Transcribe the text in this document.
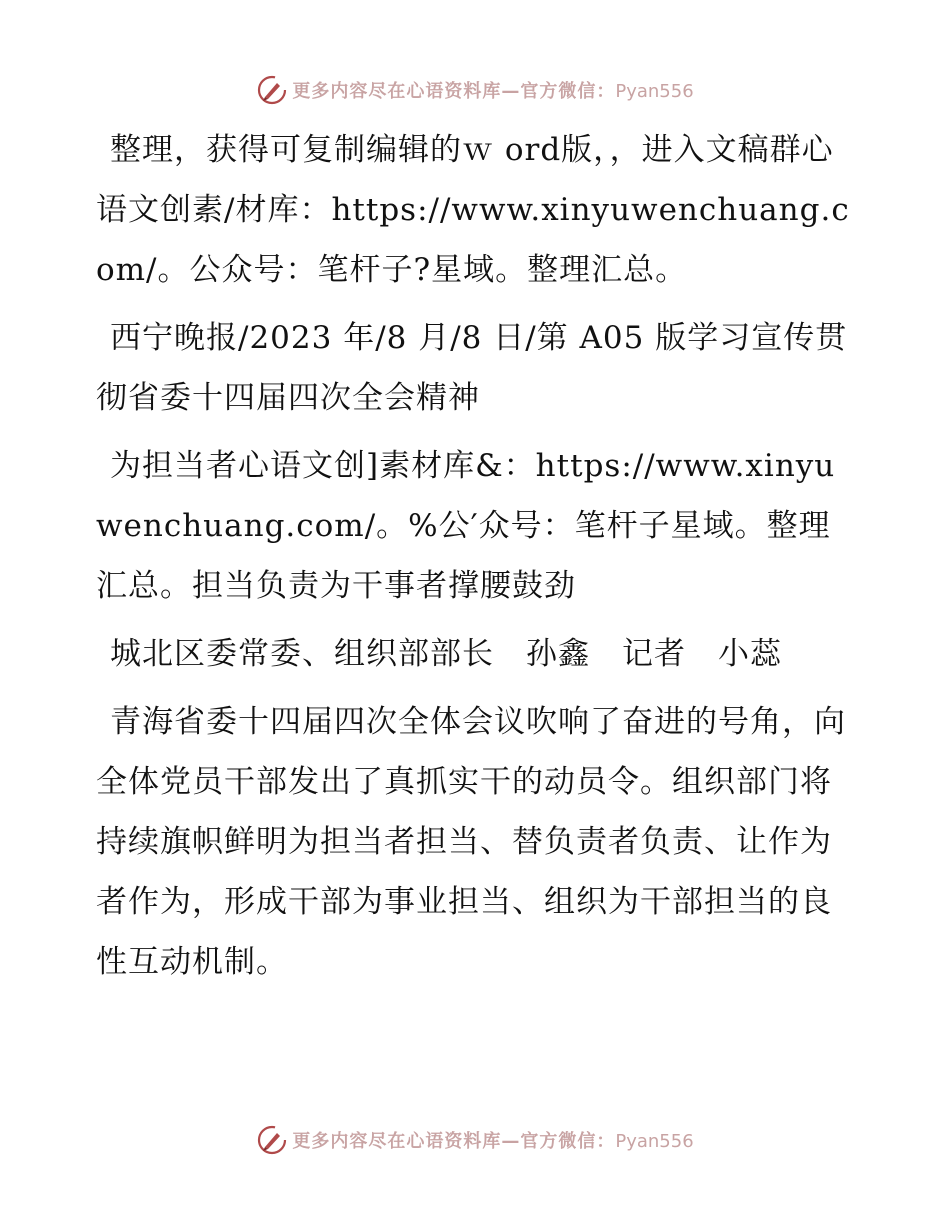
更多内容尽在心语资料库—官方微信：Pyan556

整理，获得可复制编辑的ｗ ord版，，进入文稿群心语文创素/材库：https://www.xinyuwenchuang.com/。公众号：笔杆子?星域。整理汇总。

西宁晚报/2023 年/8 月/8 日/第 A05 版学习宣传贯彻省委十四届四次全会精神

为担当者心语文创]素材库&：https://www.xinyuwenchuang.com/。%公′众号：笔杆子星域。整理汇总。担当负责为干事者撑腰鼓劲

城北区委常委、组织部部长　孙鑫　记者　小蕊

青海省委十四届四次全体会议吹响了奋进的号角，向全体党员干部发出了真抓实干的动员令。组织部门将持续旗帜鲜明为担当者担当、替负责者负责、让作为者作为，形成干部为事业担当、组织为干部担当的良性互动机制。

更多内容尽在心语资料库—官方微信：Pyan556
